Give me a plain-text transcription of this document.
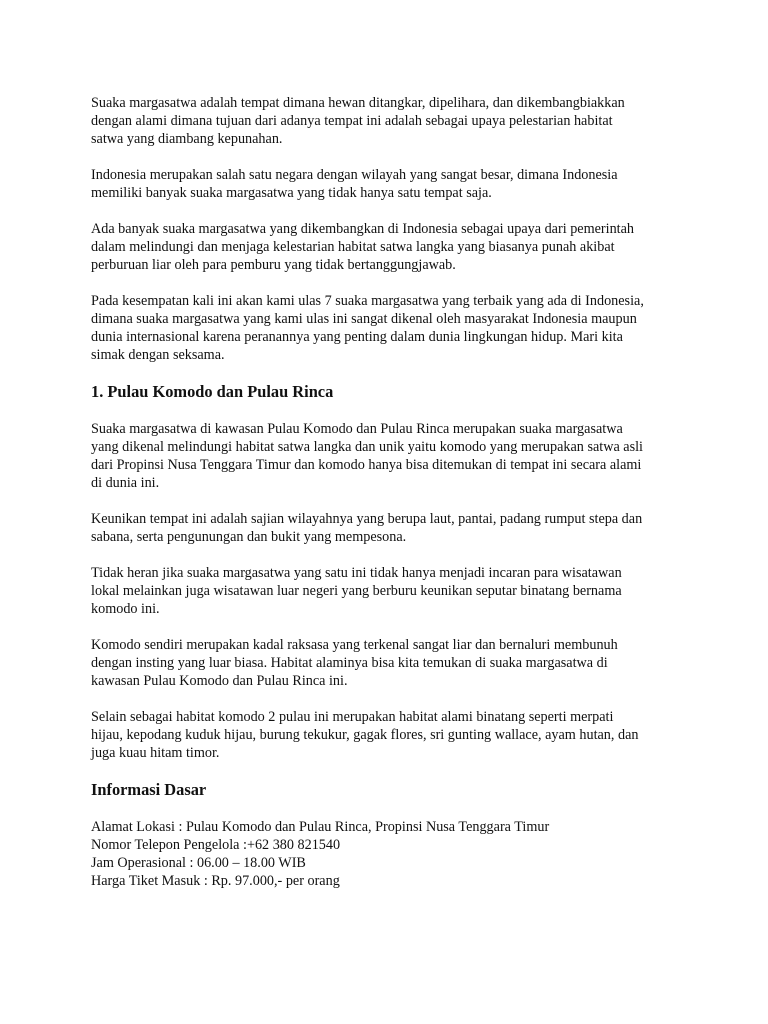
Suaka margasatwa adalah tempat dimana hewan ditangkar, dipelihara, dan dikembangbiakkan
dengan alami dimana tujuan dari adanya tempat ini adalah sebagai upaya pelestarian habitat
satwa yang diambang kepunahan.

Indonesia merupakan salah satu negara dengan wilayah yang sangat besar, dimana Indonesia
memiliki banyak suaka margasatwa yang tidak hanya satu tempat saja.

Ada banyak suaka margasatwa yang dikembangkan di Indonesia sebagai upaya dari pemerintah
dalam melindungi dan menjaga kelestarian habitat satwa langka yang biasanya punah akibat
perburuan liar oleh para pemburu yang tidak bertanggungjawab.

Pada kesempatan kali ini akan kami ulas 7 suaka margasatwa yang terbaik yang ada di Indonesia,
dimana suaka margasatwa yang kami ulas ini sangat dikenal oleh masyarakat Indonesia maupun
dunia internasional karena peranannya yang penting dalam dunia lingkungan hidup. Mari kita
simak dengan seksama.

1. Pulau Komodo dan Pulau Rinca

Suaka margasatwa di kawasan Pulau Komodo dan Pulau Rinca merupakan suaka margasatwa
yang dikenal melindungi habitat satwa langka dan unik yaitu komodo yang merupakan satwa asli
dari Propinsi Nusa Tenggara Timur dan komodo hanya bisa ditemukan di tempat ini secara alami
di dunia ini.

Keunikan tempat ini adalah sajian wilayahnya yang berupa laut, pantai, padang rumput stepa dan
sabana, serta pengunungan dan bukit yang mempesona.

Tidak heran jika suaka margasatwa yang satu ini tidak hanya menjadi incaran para wisatawan
lokal melainkan juga wisatawan luar negeri yang berburu keunikan seputar binatang bernama
komodo ini.

Komodo sendiri merupakan kadal raksasa yang terkenal sangat liar dan bernaluri membunuh
dengan insting yang luar biasa. Habitat alaminya bisa kita temukan di suaka margasatwa di
kawasan Pulau Komodo dan Pulau Rinca ini.

Selain sebagai habitat komodo 2 pulau ini merupakan habitat alami binatang seperti merpati
hijau, kepodang kuduk hijau, burung tekukur, gagak flores, sri gunting wallace, ayam hutan, dan
juga kuau hitam timor.

Informasi Dasar
Alamat Lokasi : Pulau Komodo dan Pulau Rinca, Propinsi Nusa Tenggara Timur
Nomor Telepon Pengelola :+62 380 821540
Jam Operasional : 06.00 – 18.00 WIB
Harga Tiket Masuk : Rp. 97.000,- per orang
